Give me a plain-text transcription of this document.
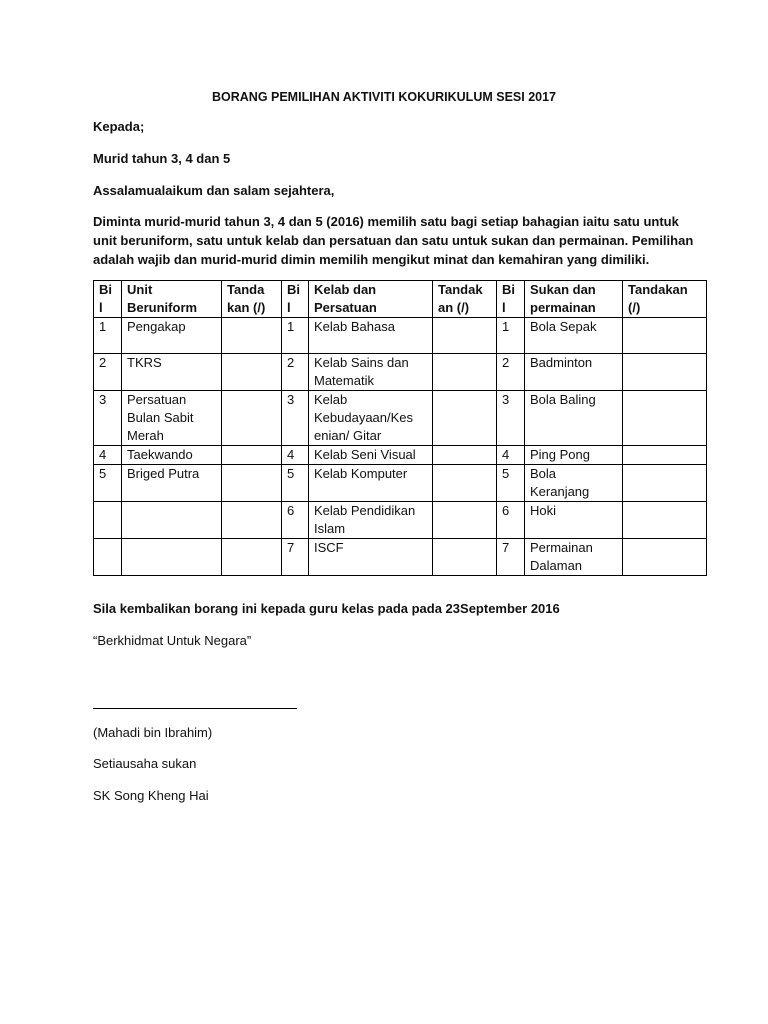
BORANG PEMILIHAN AKTIVITI KOKURIKULUM SESI 2017

Kepada;

Murid tahun 3, 4 dan 5

Assalamualaikum dan salam sejahtera,

Diminta murid-murid tahun 3, 4 dan 5 (2016) memilih satu bagi setiap bahagian iaitu satu untuk unit beruniform, satu untuk kelab dan persatuan dan satu untuk sukan dan permainan. Pemilihan adalah wajib dan murid-murid dimin memilih mengikut minat dan kemahiran yang dimiliki.

Bi l	Unit Beruniform	Tanda kan (/)	Bi l	Kelab dan Persatuan	Tandak an (/)	Bi l	Sukan dan permainan	Tandakan (/)
1	Pengakap		1	Kelab Bahasa		1	Bola Sepak	
2	TKRS		2	Kelab Sains dan Matematik		2	Badminton	
3	Persatuan Bulan Sabit Merah		3	Kelab Kebudayaan/Kes enian/ Gitar		3	Bola Baling	
4	Taekwando		4	Kelab Seni Visual		4	Ping Pong	
5	Briged Putra		5	Kelab Komputer		5	Bola Keranjang	
			6	Kelab Pendidikan Islam		6	Hoki	
			7	ISCF		7	Permainan Dalaman	

Sila kembalikan borang ini kepada guru kelas pada pada 23September 2016

“Berkhidmat Untuk Negara”

(Mahadi bin Ibrahim)

Setiausaha sukan

SK Song Kheng Hai
